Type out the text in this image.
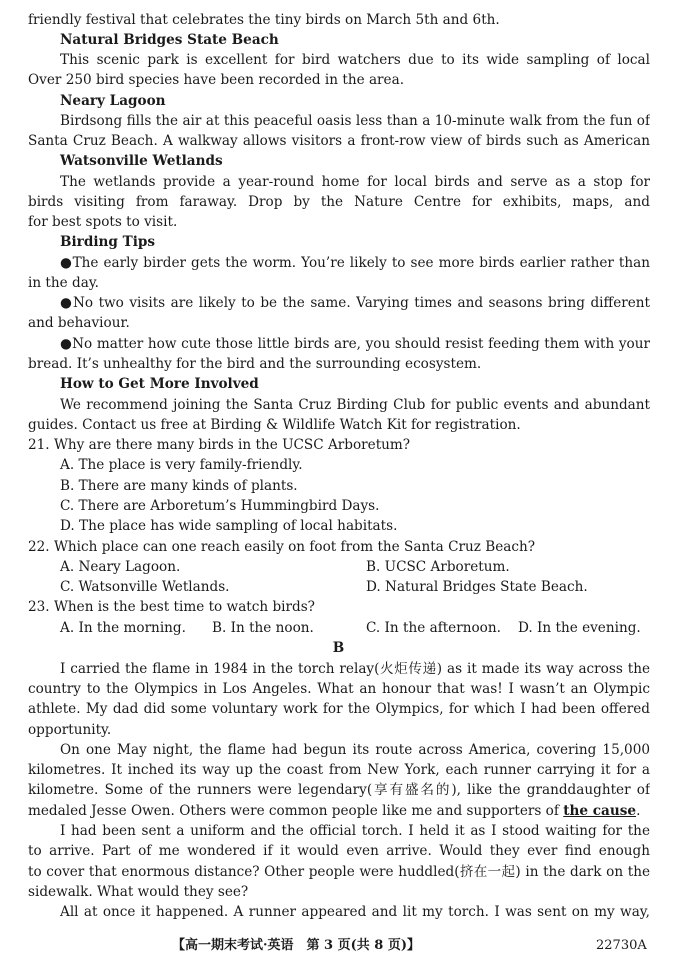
friendly festival that celebrates the tiny birds on March 5th and 6th.
Natural Bridges State Beach
This scenic park is excellent for bird watchers due to its wide sampling of local
Over 250 bird species have been recorded in the area.
Neary Lagoon
Birdsong fills the air at this peaceful oasis less than a 10-minute walk from the fun of
Santa Cruz Beach. A walkway allows visitors a front-row view of birds such as American
Watsonville Wetlands
The wetlands provide a year-round home for local birds and serve as a stop for
birds visiting from faraway. Drop by the Nature Centre for exhibits, maps, and
for best spots to visit.
Birding Tips
●The early birder gets the worm. You’re likely to see more birds earlier rather than
in the day.
●No two visits are likely to be the same. Varying times and seasons bring different
and behaviour.
●No matter how cute those little birds are, you should resist feeding them with your
bread. It’s unhealthy for the bird and the surrounding ecosystem.
How to Get More Involved
We recommend joining the Santa Cruz Birding Club for public events and abundant
guides. Contact us free at Birding & Wildlife Watch Kit for registration.
21. Why are there many birds in the UCSC Arboretum?
A. The place is very family-friendly.
B. There are many kinds of plants.
C. There are Arboretum’s Hummingbird Days.
D. The place has wide sampling of local habitats.
22. Which place can one reach easily on foot from the Santa Cruz Beach?
A. Neary Lagoon.	B. UCSC Arboretum.
C. Watsonville Wetlands.	D. Natural Bridges State Beach.
23. When is the best time to watch birds?
A. In the morning. B. In the noon.	C. In the afternoon. D. In the evening.
B
I carried the flame in 1984 in the torch relay(火炬传递) as it made its way across the
country to the Olympics in Los Angeles. What an honour that was! I wasn’t an Olympic
athlete. My dad did some voluntary work for the Olympics, for which I had been offered
opportunity.
On one May night, the flame had begun its route across America, covering 15,000
kilometres. It inched its way up the coast from New York, each runner carrying it for a
kilometre. Some of the runners were legendary(享有盛名的), like the granddaughter of
medaled Jesse Owen. Others were common people like me and supporters of the cause.
I had been sent a uniform and the official torch. I held it as I stood waiting for the
to arrive. Part of me wondered if it would even arrive. Would they ever find enough
to cover that enormous distance? Other people were huddled(挤在一起) in the dark on the
sidewalk. What would they see?
All at once it happened. A runner appeared and lit my torch. I was sent on my way,
【高一期末考试·英语　第 3 页(共 8 页)】	22730A
